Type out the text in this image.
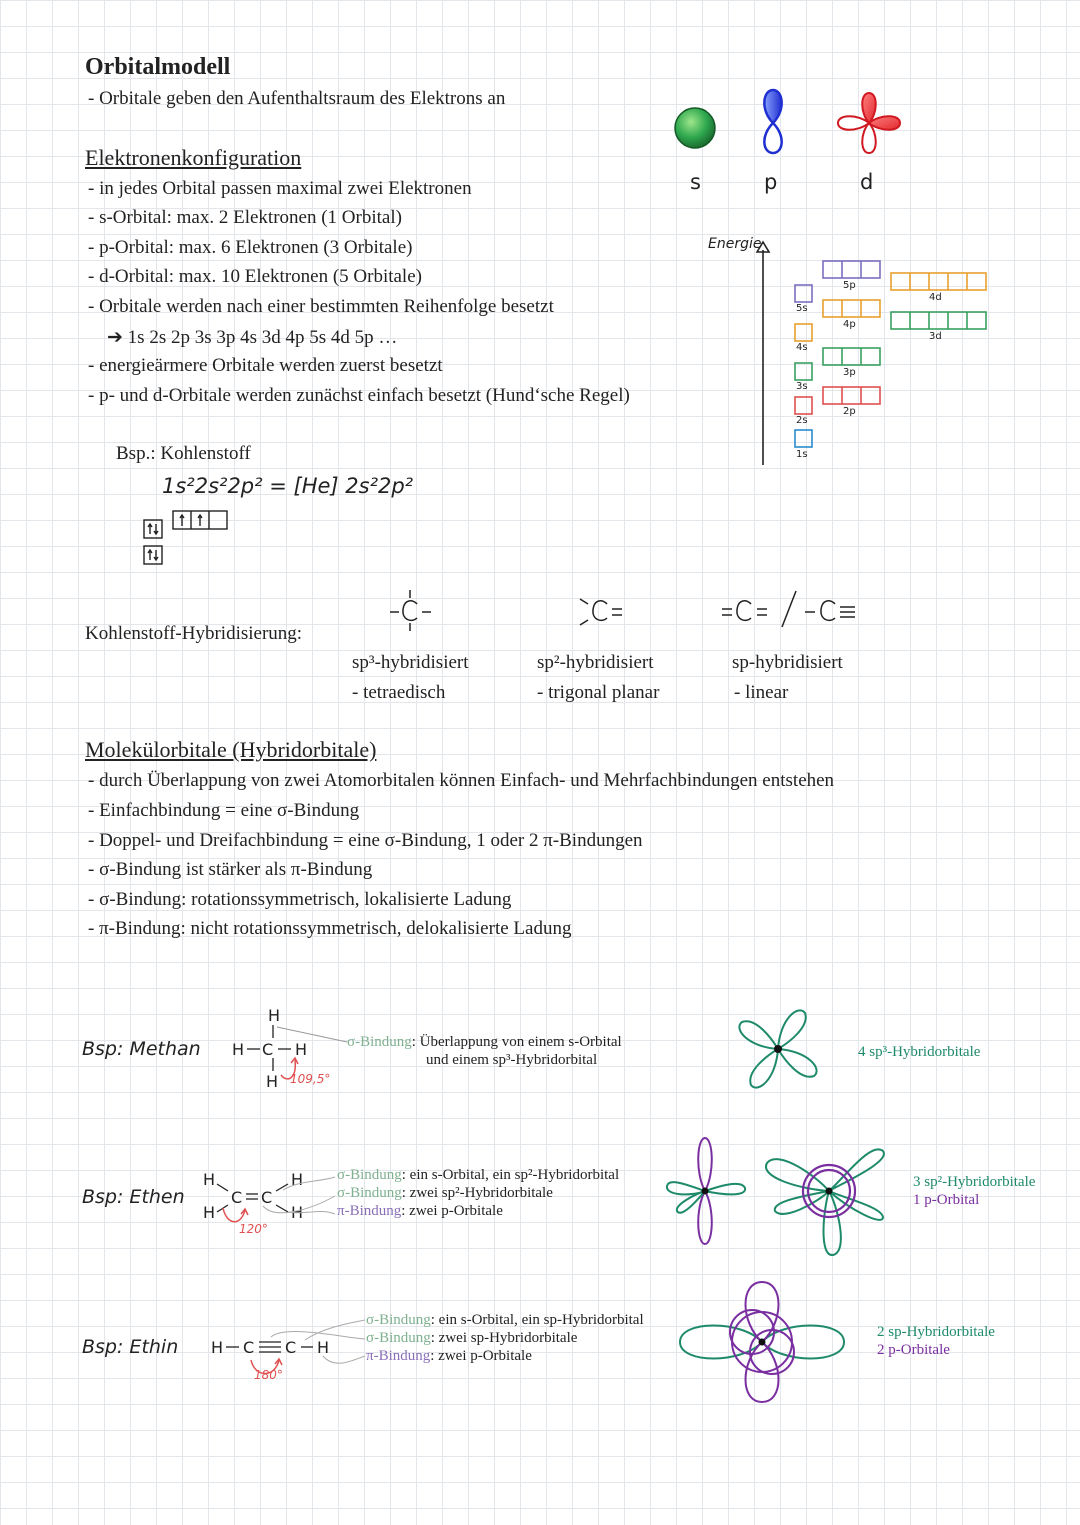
Orbitalmodell
- Orbitale geben den Aufenthaltsraum des Elektrons an
s	p	d
Elektronenkonfiguration
- in jedes Orbital passen maximal zwei Elektronen
- s-Orbital: max. 2 Elektronen (1 Orbital)
- p-Orbital: max. 6 Elektronen (3 Orbitale)
- d-Orbital: max. 10 Elektronen (5 Orbitale)
- Orbitale werden nach einer bestimmten Reihenfolge besetzt
➔ 1s 2s 2p 3s 3p 4s 3d 4p 5s 4d 5p …
- energieärmere Orbitale werden zuerst besetzt
- p- und d-Orbitale werden zunächst einfach besetzt (Hund‘sche Regel)
Energie
1s
2s
2p
3s
3p
4s
3d
4p
5s
4d
5p
Bsp.: Kohlenstoff
1s²2s²2p² = [He] 2s²2p²
Kohlenstoff-Hybridisierung:
sp³-hybridisiert
- tetraedisch
sp²-hybridisiert
- trigonal planar
sp-hybridisiert
- linear
Molekülorbitale (Hybridorbitale)
- durch Überlappung von zwei Atomorbitalen können Einfach- und Mehrfachbindungen entstehen
- Einfachbindung = eine σ-Bindung
- Doppel- und Dreifachbindung = eine σ-Bindung, 1 oder 2 π-Bindungen
- σ-Bindung ist stärker als π-Bindung
- σ-Bindung: rotationssymmetrisch, lokalisierte Ladung
- π-Bindung: nicht rotationssymmetrisch, delokalisierte Ladung
Bsp: Methan
H
H C H
H 109,5°
σ-Bindung: Überlappung von einem s-Orbital
und einem sp³-Hybridorbital	4 sp³-Hybridorbitale
Bsp: Ethen
H
H
C C
H
H
120°
σ-Bindung: ein s-Orbital, ein sp²-Hybridorbital
σ-Bindung: zwei sp²-Hybridorbitale
π-Bindung: zwei p-Orbitale
3 sp²-Hybridorbitale
1 p-Orbital
Bsp: Ethin H C C H
180°
σ-Bindung: ein s-Orbital, ein sp-Hybridorbital
σ-Bindung: zwei sp-Hybridorbitale
π-Bindung: zwei p-Orbitale
2 sp-Hybridorbitale
2 p-Orbitale
